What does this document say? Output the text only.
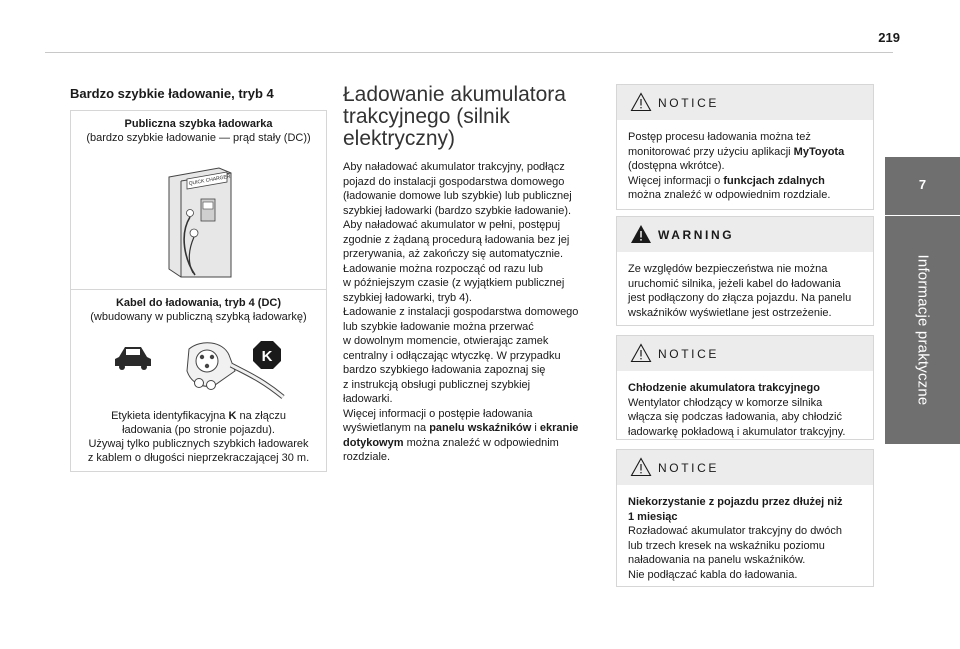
219
7
Informacje praktyczne
Bardzo szybkie ładowanie, tryb 4
Publiczna szybka ładowarka
(bardzo szybkie ładowanie — prąd stały (DC))
QUICK CHARGER
Kabel do ładowania, tryb 4 (DC)
(wbudowany w publiczną szybką ładowarkę)
K
Etykieta identyfikacyjna K na złączu
ładowania (po stronie pojazdu).
Używaj tylko publicznych szybkich ładowarek
z kablem o długości nieprzekraczającej 30 m.
Ładowanie akumulatora
trakcyjnego (silnik
elektryczny)

Aby naładować akumulator trakcyjny, podłącz

pojazd do instalacji gospodarstwa domowego

(ładowanie domowe lub szybkie) lub publicznej

szybkiej ładowarki (bardzo szybkie ładowanie).

Aby naładować akumulator w pełni, postępuj

zgodnie z żądaną procedurą ładowania bez jej

przerywania, aż zakończy się automatycznie.

Ładowanie można rozpocząć od razu lub

w późniejszym czasie (z wyjątkiem publicznej

szybkiej ładowarki, tryb 4).

Ładowanie z instalacji gospodarstwa domowego

lub szybkie ładowanie można przerwać

w dowolnym momencie, otwierając zamek

centralny i odłączając wtyczkę. W przypadku

bardzo szybkiego ładowania zapoznaj się

z instrukcją obsługi publicznej szybkiej

ładowarki.

Więcej informacji o postępie ładowania

wyświetlanym na panelu wskaźników i ekranie

dotykowym można znaleźć w odpowiednim

rozdziale.

NOTICE
Postęp procesu ładowania można też
monitorować przy użyciu aplikacji MyToyota
(dostępna wkrótce).
Więcej informacji o funkcjach zdalnych
można znaleźć w odpowiednim rozdziale.
WARNING
Ze względów bezpieczeństwa nie można
uruchomić silnika, jeżeli kabel do ładowania
jest podłączony do złącza pojazdu. Na panelu
wskaźników wyświetlane jest ostrzeżenie.
NOTICE
Chłodzenie akumulatora trakcyjnego
Wentylator chłodzący w komorze silnika
włącza się podczas ładowania, aby chłodzić
ładowarkę pokładową i akumulator trakcyjny.
NOTICE
Niekorzystanie z pojazdu przez dłużej niż
1 miesiąc
Rozładować akumulator trakcyjny do dwóch
lub trzech kresek na wskaźniku poziomu
naładowania na panelu wskaźników.
Nie podłączać kabla do ładowania.
